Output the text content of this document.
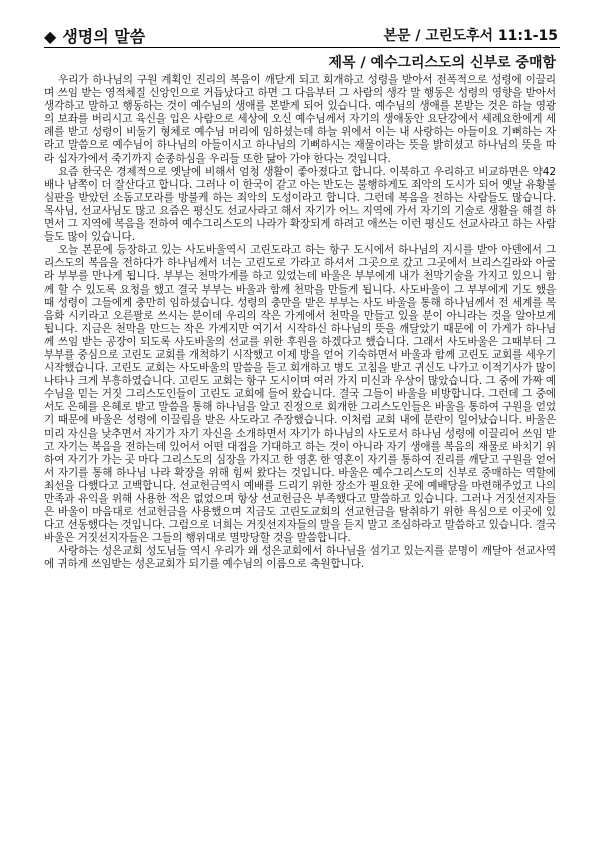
◆ 생명의 말씀	본문 / 고린도후서 11:1-15
제목 / 예수그리스도의 신부로 중매함

우리가 하나님의 구원 계획인 진리의 복음이 깨닫게 되고 회개하고 성령을 받아서 전폭적으로 성령에 이끌리며 쓰임 받는 영적체질 신앙인으로 거듭났다고 하면 그 다음부터 그 사람의 생각 말 행동은 성령의 영향을 받아서 생각하고 말하고 행동하는 것이 예수님의 생애를 본받게 되어 있습니다. 예수님의 생애를 본받는 것은 하늘 영광의 보좌를 버리시고 육신을 입은 사람으로 세상에 오신 예수님께서 자기의 생애동안 요단강에서 세례요한에게 세례를 받고 성령이 비둘기 형체로 예수님 머리에 임하셨는데 하늘 위에서 이는 내 사랑하는 아들이요 기뻐하는 자라고 말씀으로 예수님이 하나님의 아들이시고 하나님의 기뻐하시는 재물이라는 뜻을 밝히셨고 하나님의 뜻을 따라 십자가에서 죽기까지 순종하심을 우리들 또한 닮아 가야 한다는 것입니다.

요즘 한국은 경제적으로 옛날에 비해서 엄청 생활이 좋아졌다고 합니다. 이북하고 우리하고 비교하면은 약42배나 남쪽이 더 잘산다고 합니다. 그러나 이 한국이 같고 아는 반도는 불행하게도 죄악의 도시가 되어 옛날 유황불 심판을 받았던 소돔고모라를 방불케 하는 죄악의 도성이라고 합니다. 그런데 복음을 전하는 사람들도 많습니다. 목사님, 선교사님도 많고 요즘은 평신도 선교사라고 해서 자기가 어느 지역에 가서 자기의 기술로 생활을 해결 하면서 그 지역에 복음을 전하여 예수그리스도의 나라가 확장되게 하려고 애쓰는 이런 평신도 선교사라고 하는 사람들도 많이 있습니다.

오늘 본문에 등장하고 있는 사도바울역시 고린도라고 하는 항구 도시에서 하나님의 지시를 받아 아덴에서 그리스도의 복음을 전하다가 하나님께서 너는 고린도로 가라고 하셔서 그곳으로 갔고 그곳에서 브리스길라와 아굴라 부부를 만나게 됩니다. 부부는 천막가게를 하고 있었는데 바울은 부부에게 내가 천막기술을 가지고 있으니 함께 할 수 있도록 요청을 했고 결국 부부는 바울과 함께 천막을 만들게 됩니다. 사도바울이 그 부부에게 기도 했을 때 성령이 그들에게 충만히 임하셨습니다. 성령의 충만을 받은 부부는 사도 바울을 통해 하나님께서 전 세계를 복음화 시키라고 오른팔로 쓰시는 분이데 우리의 작은 가게에서 천막을 만들고 있을 분이 아니라는 것을 알아보게 됩니다. 지금은 천막을 만드는 작은 가게지만 여기서 시작하신 하나님의 뜻을 깨달았기 때문에 이 가게가 하나님께 쓰임 받는 공장이 되도록 사도바울의 선교를 위한 후원을 하겠다고 했습니다. 그래서 사도바울은 그때부터 그 부부를 중심으로 고린도 교회를 개척하기 시작했고 이제 방을 얻어 기숙하면서 바울과 함께 고린도 교회를 세우기 시작했습니다. 고린도 교회는 사도바울의 말씀을 듣고 회개하고 병도 고침을 받고 귀신도 나가고 이적기사가 많이 나타나 크게 부흥하였습니다. 고린도 교회는 항구 도시이며 여러 가지 미신과 우상이 많았습니다. 그 중에 가짜 예수님을 믿는 거짓 그리스도인들이 고린도 교회에 들어 왔습니다. 결국 그들이 바울을 비방합니다. 그런데 그 중에서도 은혜를 은혜로 받고 말씀을 통해 하나님을 알고 진정으로 회개한 그리스도인들은 바울을 통하여 구원을 얻었기 때문에 바울은 성령에 이끌림을 받은 사도라고 주장했습니다. 이처럼 교회 내에 분란이 일어났습니다. 바울은 미리 자신을 낮추면서 자기가 자기 자신을 소개하면서 자기가 하나님의 사도로서 하나님 성령에 이끌리어 쓰임 받고 자기는 복음을 전하는데 있어서 어떤 대접을 기대하고 하는 것이 아니라 자기 생애를 복음의 재물로 바치기 위하여 자기가 가는 곳 마다 그리스도의 심장을 가지고 한 영혼 한 영혼이 자기를 통하여 진리를 깨닫고 구원을 얻어서 자기를 통해 하나님 나라 확장을 위해 힘써 왔다는 것입니다. 바울은 예수그리스도의 신부로 중매하는 역할에 최선을 다했다고 고백합니다. 선교헌금역시 예배를 드리기 위한 장소가 필요한 곳에 예배당을 마련해주었고 나의 만족과 유익을 위해 사용한 적은 없었으며 항상 선교헌금은 부족했다고 말씀하고 있습니다. 그러나 거짓선지자들은 바울이 마음대로 선교헌금을 사용했으며 지금도 고린도교회의 선교헌금을 탈취하기 위한 욕심으로 이곳에 있다고 선동했다는 것입니다. 그럼으로 너희는 거짓선지자들의 말을 듣지 말고 조심하라고 말씀하고 있습니다. 결국 바울은 거짓선지자들은 그들의 행위대로 멸망당할 것을 말씀합니다.

사랑하는 성은교회 성도님들 역시 우리가 왜 성은교회에서 하나님을 섬기고 있는지를 분명이 깨달아 선교사역에 귀하게 쓰임받는 성은교회가 되기를 예수님의 이름으로 축원합니다.
